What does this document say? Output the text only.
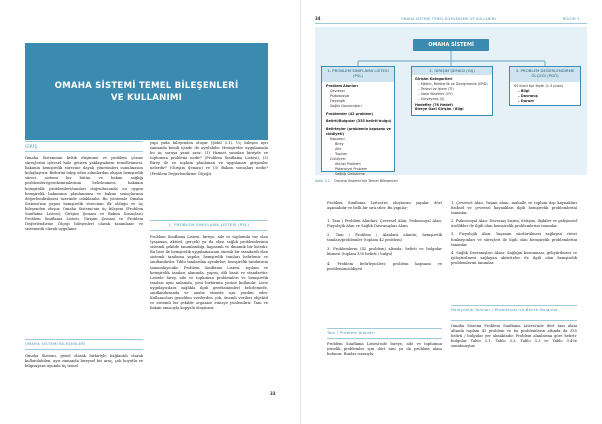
OMAHA SİSTEMİ TEMEL BİLEŞENLERİ VE KULLANIMI
GİRİŞ
Omaha Sisteminin kritik düşünme ve problem çözme süreçlerini işlevsel hale getiren yaklaşımların temellenmesi, bakımın hemşirelik sürecine dayalı yönetimleri sunulmasını kolaylaştırır. Birbirini takip eden adımlardan oluşan hemşirelik süreci sistemi bir bütün ve bakım sağlığı problemleri/gereksinimlerinin belirlenmesi, bakımın hemşirelik problemleri/tanıları doğrultusunda en uygun hemşirelik bakımının planlanması ve bakım sonuçlarının değerlendirilmesi üzerinde odaklanılır. Bu yöntemle Omaha Sistemi'nin yapısı hemşirelik sürecinin ilk olduğu ve üç bileşenden oluşur. Omaha Sistemi'nin üç bileşeni (Problem Sınıflama Listesi), Girişim Şeması ve Bakım Sonuçları) Problem Sınıflama Listesi, Girişim Şeması ve Problem Değerlendirme Ölçeği bileşenleri olarak tanımlanır ve sistematik olarak uygulanır.
OMAHA SİSTEMİ BİLEŞENLERİ
Omaha Sistemi, genel olarak birbiriyle bağlantılı olarak kullanılabilen, ayrı zamanda bireysel bir araç, çok boyutlu ve bilgisayara uyumlu üç temel
yapı yada bileşenden oluşur (Şekil 3.1). Üç bileşen ayrı zamanda kendi içinde de ayrılabilir. Hemşireler uygulamada bu üç soruya yanıt arar: (1) Hizmet sunulan bireyde ve toplumun problemi nedir? (Problem Sınıflama Listesi), (2) Birey ile ve toplum planlanan ve uygulanan girişimler nelerdir? (Girişim Şeması) ve (3) Bakım sonuçları nedir? (Problem Değerlendirme Ölçeği).
1. PROBLEM SINIFLAMA LİSTESİ (PSL)
Problem Sınıflama Listesi, bireye, aile ve toplumda var olan (yaşanan, aktüel, gerçek) ya da olası sağlık problemlerinin sistemli şekilde tanımlandığı, kapsamlı ve dinamik bir listedir. Bu liste ile hemşirelik uygulamasının önemli bir standardı olan sistemli tanılama yapılır, hemşirelik tanıları belirlenir ve sınıflandırılır. Tıbbi tanılardan ayrıdırlar; hemşirelik tanılarının tamamlayıcıdır. Problem Sınıflama Listesi, toplum ve hemşirelik tanıları alanında, yapısı, dili basit ve standarttır. Listede birey, aile ve toplumun problemleri ve hemşirelik tanıları aynı anlamda, yeni birbirinin yerine kullanılır. Liste uygulayıcılara sağlıkla ilgili gereksinimleri belirlemede, sınıflandırmada ve analiz etmede için yardım eder. Kullanıcıları genelden verilerden çok, önemli verileri objektif ve sistemli bir şekilde organize etmeye yönlendirir. Tanı ve bakım amacıyla kopyala oluşturur.
33
34	OMAHA SİSTEMİ TEMEL BİLEŞENLERİ VE KULLANIMI	BÖLÜM 3
OMAHA SİSTEMİ
1. PROBLEM SINIFLAMA LİSTESİ (PSL)
Problem Alanları
Çevresel
Psikososyal
Fizyolojik
Sağlık Davranışları
Problemler (42 problem)
Belirti/Bulgular (335 belirti-bulgu)
Belirteçler (problemin kapsamı ve ciddiyeti)
Kapsamı:
Birey
Aile
Toplum
Ciddiyeti:
Aktüel Problem
Potansiyel Problem
Sağlığı Geliştirme
2. GİRİŞİM ŞEMASI (GŞ)
Girişim Kategorileri
– Eğitim, Rehberlik ve Danışmanlık (ERD)
– Tedavi ve İşlem (Tİ)
– Vaka Yönetimi (VY)
– Sürveyans (S)
Hedefler (76 Hedef)
Bireye Özel Girişim / Bilgi
3. PROBLEM DEĞERLENDİRME ÖLÇEĞİ (PDÖ)
SS likert tipi ölçek (1-5 puan)
– Bilgi
– Davranış
– Durum
Şekil 3.1 Omaha Sistemi'nin Temel Bileşenleri
Problem Sınıflama Listesi'ni oluşturan yapılar dört aşamalıdır ve belli bir sıra izler. Bu yapılar;
1. Tanı / Problem Alanları: Çevresel Alan; Psikososyal Alan; Fizyolojik Alan ve Sağlık Davranışları Alanı
2. Tanı / Problem / Alanlara alanda; hemşirelik tanıları/problemler (toplam 42 problem)
3. Problemlerin (42 problem) altında; belirti ve bulgular kümesi (toplam 335 belirti / bulgu)
4. Problem belirleyicileri; problem kapsamı ve probleminciddiyeti
Tanı / Problem Alanları
Problem Sınıflama Listesi'nde bireye, aile ve toplumun yönelik problemler için dört tanı ya da problem alanı bulunur. Bunlar sırasıyla;
1. Çevresel Alan: Yaşam alanı, mahalle ve toplum dışı kaynakları fiziksel ve çevresel kaynakları ilgili hemşirelik problemlerini tanımlar.
2. Psikososyal Alan: Davranış biçimi, iletişim, ilişkiler ve gelişimsel özellikler ile ilgili olan hemşirelik problemlerini tanımlar.
3. Fizyolojik Alan: Yaşamın sürdürülmesi sağlayan vücut fonksiyonları ve süreçleri ile ilgili olan hemşirelik problemlerini tanımlar.
4. Sağlık Davranışları Alanı: Sağlığın korunması, geliştirilmesi ve iyileştirilmesi sağlayan aktiviteler ile ilgili olan hemşirelik problemlerini tanımlar.
Hemşirelik Tanıları / Problemler ve Belirti-Bulgular
Omaha Sistemi Problem Sınıflama Listesi'nde dört tanı alanı altında toplam 42 problem ve bu problemlerin altında da 335 belirti / bulgular yer almaktadır. Problem alanlarına göre belirti-bulgular Tablo 3.1, Tablo 3.2, Tablo 3.3 ve Tablo 3.4'te sunulmuştur.
